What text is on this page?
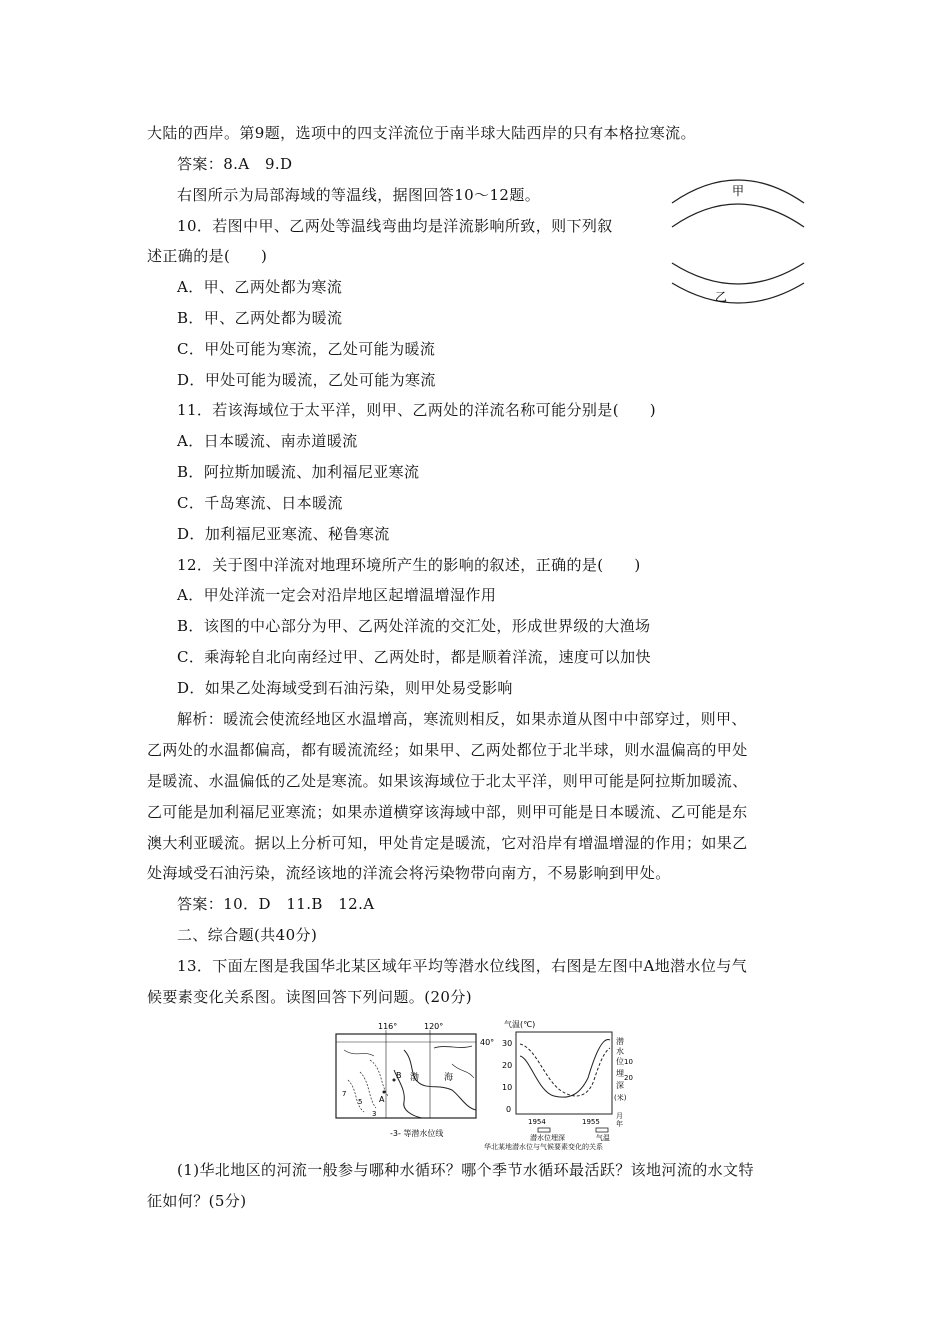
大陆的西岸。第9题，选项中的四支洋流位于南半球大陆西岸的只有本格拉寒流。
答案：8.A　9.D
右图所示为局部海域的等温线，据图回答10～12题。
10．若图中甲、乙两处等温线弯曲均是洋流影响所致，则下列叙
述正确的是(　　)
A．甲、乙两处都为寒流
B．甲、乙两处都为暖流
C．甲处可能为寒流，乙处可能为暖流
D．甲处可能为暖流，乙处可能为寒流
11．若该海域位于太平洋，则甲、乙两处的洋流名称可能分别是(　　)
A．日本暖流、南赤道暖流
B．阿拉斯加暖流、加利福尼亚寒流
C．千岛寒流、日本暖流
D．加利福尼亚寒流、秘鲁寒流
12．关于图中洋流对地理环境所产生的影响的叙述，正确的是(　　)
A．甲处洋流一定会对沿岸地区起增温增湿作用
B．该图的中心部分为甲、乙两处洋流的交汇处，形成世界级的大渔场
C．乘海轮自北向南经过甲、乙两处时，都是顺着洋流，速度可以加快
D．如果乙处海域受到石油污染，则甲处易受影响
解析：暖流会使流经地区水温增高，寒流则相反，如果赤道从图中中部穿过，则甲、
乙两处的水温都偏高，都有暖流流经；如果甲、乙两处都位于北半球，则水温偏高的甲处
是暖流、水温偏低的乙处是寒流。如果该海域位于北太平洋，则甲可能是阿拉斯加暖流、
乙可能是加利福尼亚寒流；如果赤道横穿该海域中部，则甲可能是日本暖流、乙可能是东
澳大利亚暖流。据以上分析可知，甲处肯定是暖流，它对沿岸有增温增湿的作用；如果乙
处海域受石油污染，流经该地的洋流会将污染物带向南方，不易影响到甲处。
答案：10．D　11.B　12.A
二、综合题(共40分)
13．下面左图是我国华北某区域年平均等潜水位线图，右图是左图中A地潜水位与气
候要素变化关系图。读图回答下列问题。(20分)
(1)华北地区的河流一般参与哪种水循环？哪个季节水循环最活跃？该地河流的水文特
征如何？(5分)
甲
乙
116°	120°
40°
渤	海
A
B
3
5
7
-3- 等潜水位线
气温(℃)
30
20
10
0
潜
水
位
埋
深
(米)
10
20
1954	1955
月
年
潜水位埋深	气温
华北某地潜水位与气候要素变化的关系
